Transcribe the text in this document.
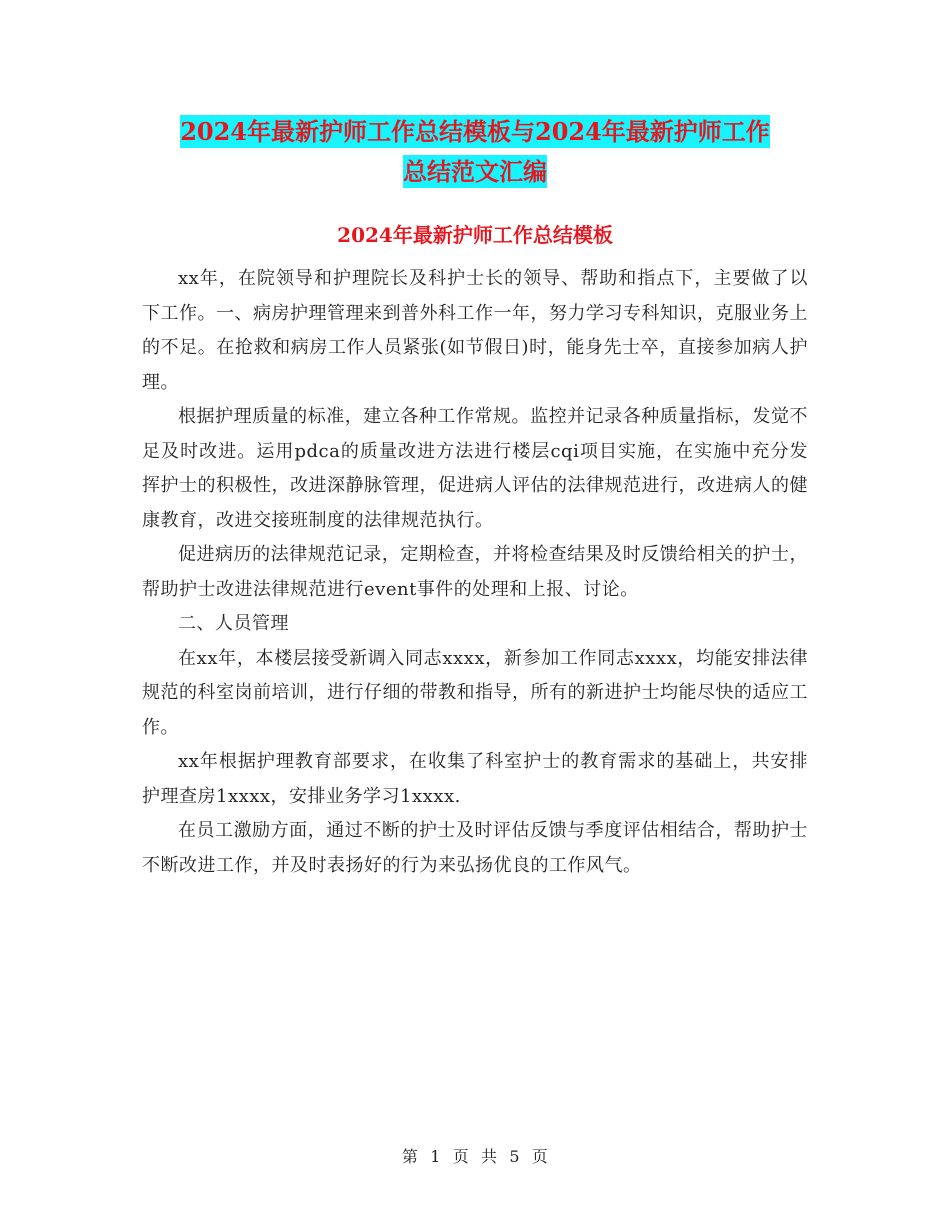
2024年最新护师工作总结模板与2024年最新护师工作
总结范文汇编
2024年最新护师工作总结模板

xx年，在院领导和护理院长及科护士长的领导、帮助和指点下，主要做了以下工作。一、病房护理管理来到普外科工作一年，努力学习专科知识，克服业务上的不足。在抢救和病房工作人员紧张(如节假日)时，能身先士卒，直接参加病人护理。

根据护理质量的标准，建立各种工作常规。监控并记录各种质量指标，发觉不足及时改进。运用pdca的质量改进方法进行楼层cqi项目实施，在实施中充分发挥护士的积极性，改进深静脉管理，促进病人评估的法律规范进行，改进病人的健康教育，改进交接班制度的法律规范执行。

促进病历的法律规范记录，定期检查，并将检查结果及时反馈给相关的护士，帮助护士改进法律规范进行event事件的处理和上报、讨论。

二、人员管理

在xx年，本楼层接受新调入同志xxxx，新参加工作同志xxxx，均能安排法律规范的科室岗前培训，进行仔细的带教和指导，所有的新进护士均能尽快的适应工作。

xx年根据护理教育部要求，在收集了科室护士的教育需求的基础上，共安排护理查房1xxxx，安排业务学习1xxxx.

在员工激励方面，通过不断的护士及时评估反馈与季度评估相结合，帮助护士不断改进工作，并及时表扬好的行为来弘扬优良的工作风气。

第 1 页 共 5 页
